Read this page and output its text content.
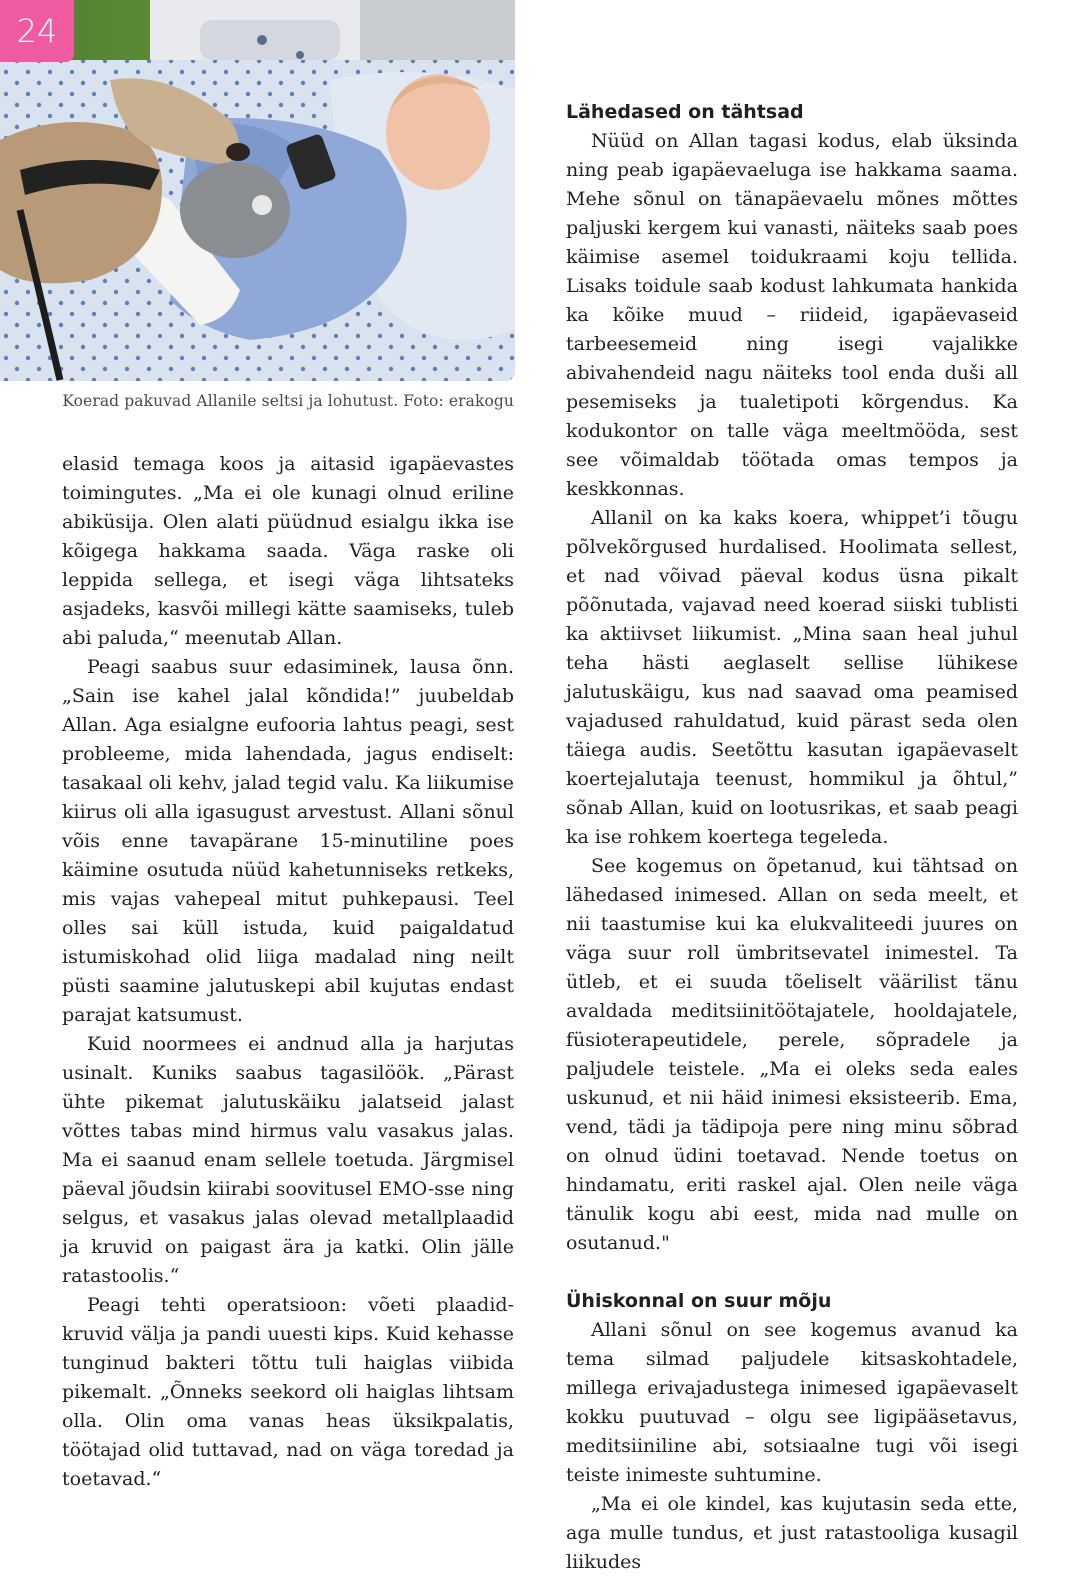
24
Koerad pakuvad Allanile seltsi ja lohutust. Foto: erakogu

elasid temaga koos ja aitasid igapäevastes toimingutes. „Ma ei ole kunagi olnud eriline abiküsija. Olen alati püüdnud esialgu ikka ise kõigega hakkama saada. Väga raske oli leppida sellega, et isegi väga lihtsateks asjadeks, kasvõi millegi kätte saamiseks, tuleb abi paluda,“ meenutab Allan.

Peagi saabus suur edasiminek, lausa õnn. „Sain ise kahel jalal kõndida!” juubeldab Allan. Aga esialgne eufooria lahtus peagi, sest probleeme, mida lahendada, jagus endiselt: tasakaal oli kehv, jalad tegid valu. Ka liikumise kiirus oli alla igasugust arvestust. Allani sõnul võis enne tavapärane 15-minutiline poes käimine osutuda nüüd kahetunniseks retkeks, mis vajas vahepeal mitut puhkepausi. Teel olles sai küll istuda, kuid paigaldatud istumiskohad olid liiga madalad ning neilt püsti saamine jalutuskepi abil kujutas endast parajat katsumust.

Kuid noormees ei andnud alla ja harjutas usinalt. Kuniks saabus tagasilöök. „Pärast ühte pikemat jalutuskäiku jalatseid jalast võttes tabas mind hirmus valu vasakus jalas. Ma ei saanud enam sellele toetuda. Järgmisel päeval jõudsin kiirabi soovitusel EMO-sse ning selgus, et vasakus jalas olevad metallplaadid ja kruvid on paigast ära ja katki. Olin jälle ratastoolis.“

Peagi tehti operatsioon: võeti plaadid-kruvid välja ja pandi uuesti kips. Kuid kehasse tunginud bakteri tõttu tuli haiglas viibida pikemalt. „Õnneks seekord oli haiglas lihtsam olla. Olin oma vanas heas üksikpalatis, töötajad olid tuttavad, nad on väga toredad ja toetavad.“

Lähedased on tähtsad

Nüüd on Allan tagasi kodus, elab üksinda ning peab igapäevaeluga ise hakkama saama. Mehe sõnul on tänapäevaelu mõnes mõttes paljuski kergem kui vanasti, näiteks saab poes käimise asemel toidukraami koju tellida. Lisaks toidule saab kodust lahkumata hankida ka kõike muud – riideid, igapäevaseid tarbeesemeid ning isegi vajalikke abivahendeid nagu näiteks tool enda duši all pesemiseks ja tualetipoti kõrgendus. Ka kodukontor on talle väga meeltmööda, sest see võimaldab töötada omas tempos ja keskkonnas.

Allanil on ka kaks koera, whippet’i tõugu põlvekõrgused hurdalised. Hoolimata sellest, et nad võivad päeval kodus üsna pikalt põõnutada, vajavad need koerad siiski tublisti ka aktiivset liikumist. „Mina saan heal juhul teha hästi aeglaselt sellise lühikese jalutuskäigu, kus nad saavad oma peamised vajadused rahuldatud, kuid pärast seda olen täiega audis. Seetõttu kasutan igapäevaselt koertejalutaja teenust, hommikul ja õhtul,” sõnab Allan, kuid on lootusrikas, et saab peagi ka ise rohkem koertega tegeleda.

See kogemus on õpetanud, kui tähtsad on lähedased inimesed. Allan on seda meelt, et nii taastumise kui ka elukvaliteedi juures on väga suur roll ümbritsevatel inimestel. Ta ütleb, et ei suuda tõeliselt väärilist tänu avaldada meditsiinitöötajatele, hooldajatele, füsioterapeutidele, perele, sõpradele ja paljudele teistele. „Ma ei oleks seda eales uskunud, et nii häid inimesi eksisteerib. Ema, vend, tädi ja tädipoja pere ning minu sõbrad on olnud üdini toetavad. Nende toetus on hindamatu, eriti raskel ajal. Olen neile väga tänulik kogu abi eest, mida nad mulle on osutanud."

Ühiskonnal on suur mõju

Allani sõnul on see kogemus avanud ka tema silmad paljudele kitsaskohtadele, millega erivajadustega inimesed igapäevaselt kokku puutuvad – olgu see ligipääsetavus, meditsiiniline abi, sotsiaalne tugi või isegi teiste inimeste suhtumine.

„Ma ei ole kindel, kas kujutasin seda ette, aga mulle tundus, et just ratastooliga kusagil liikudes
